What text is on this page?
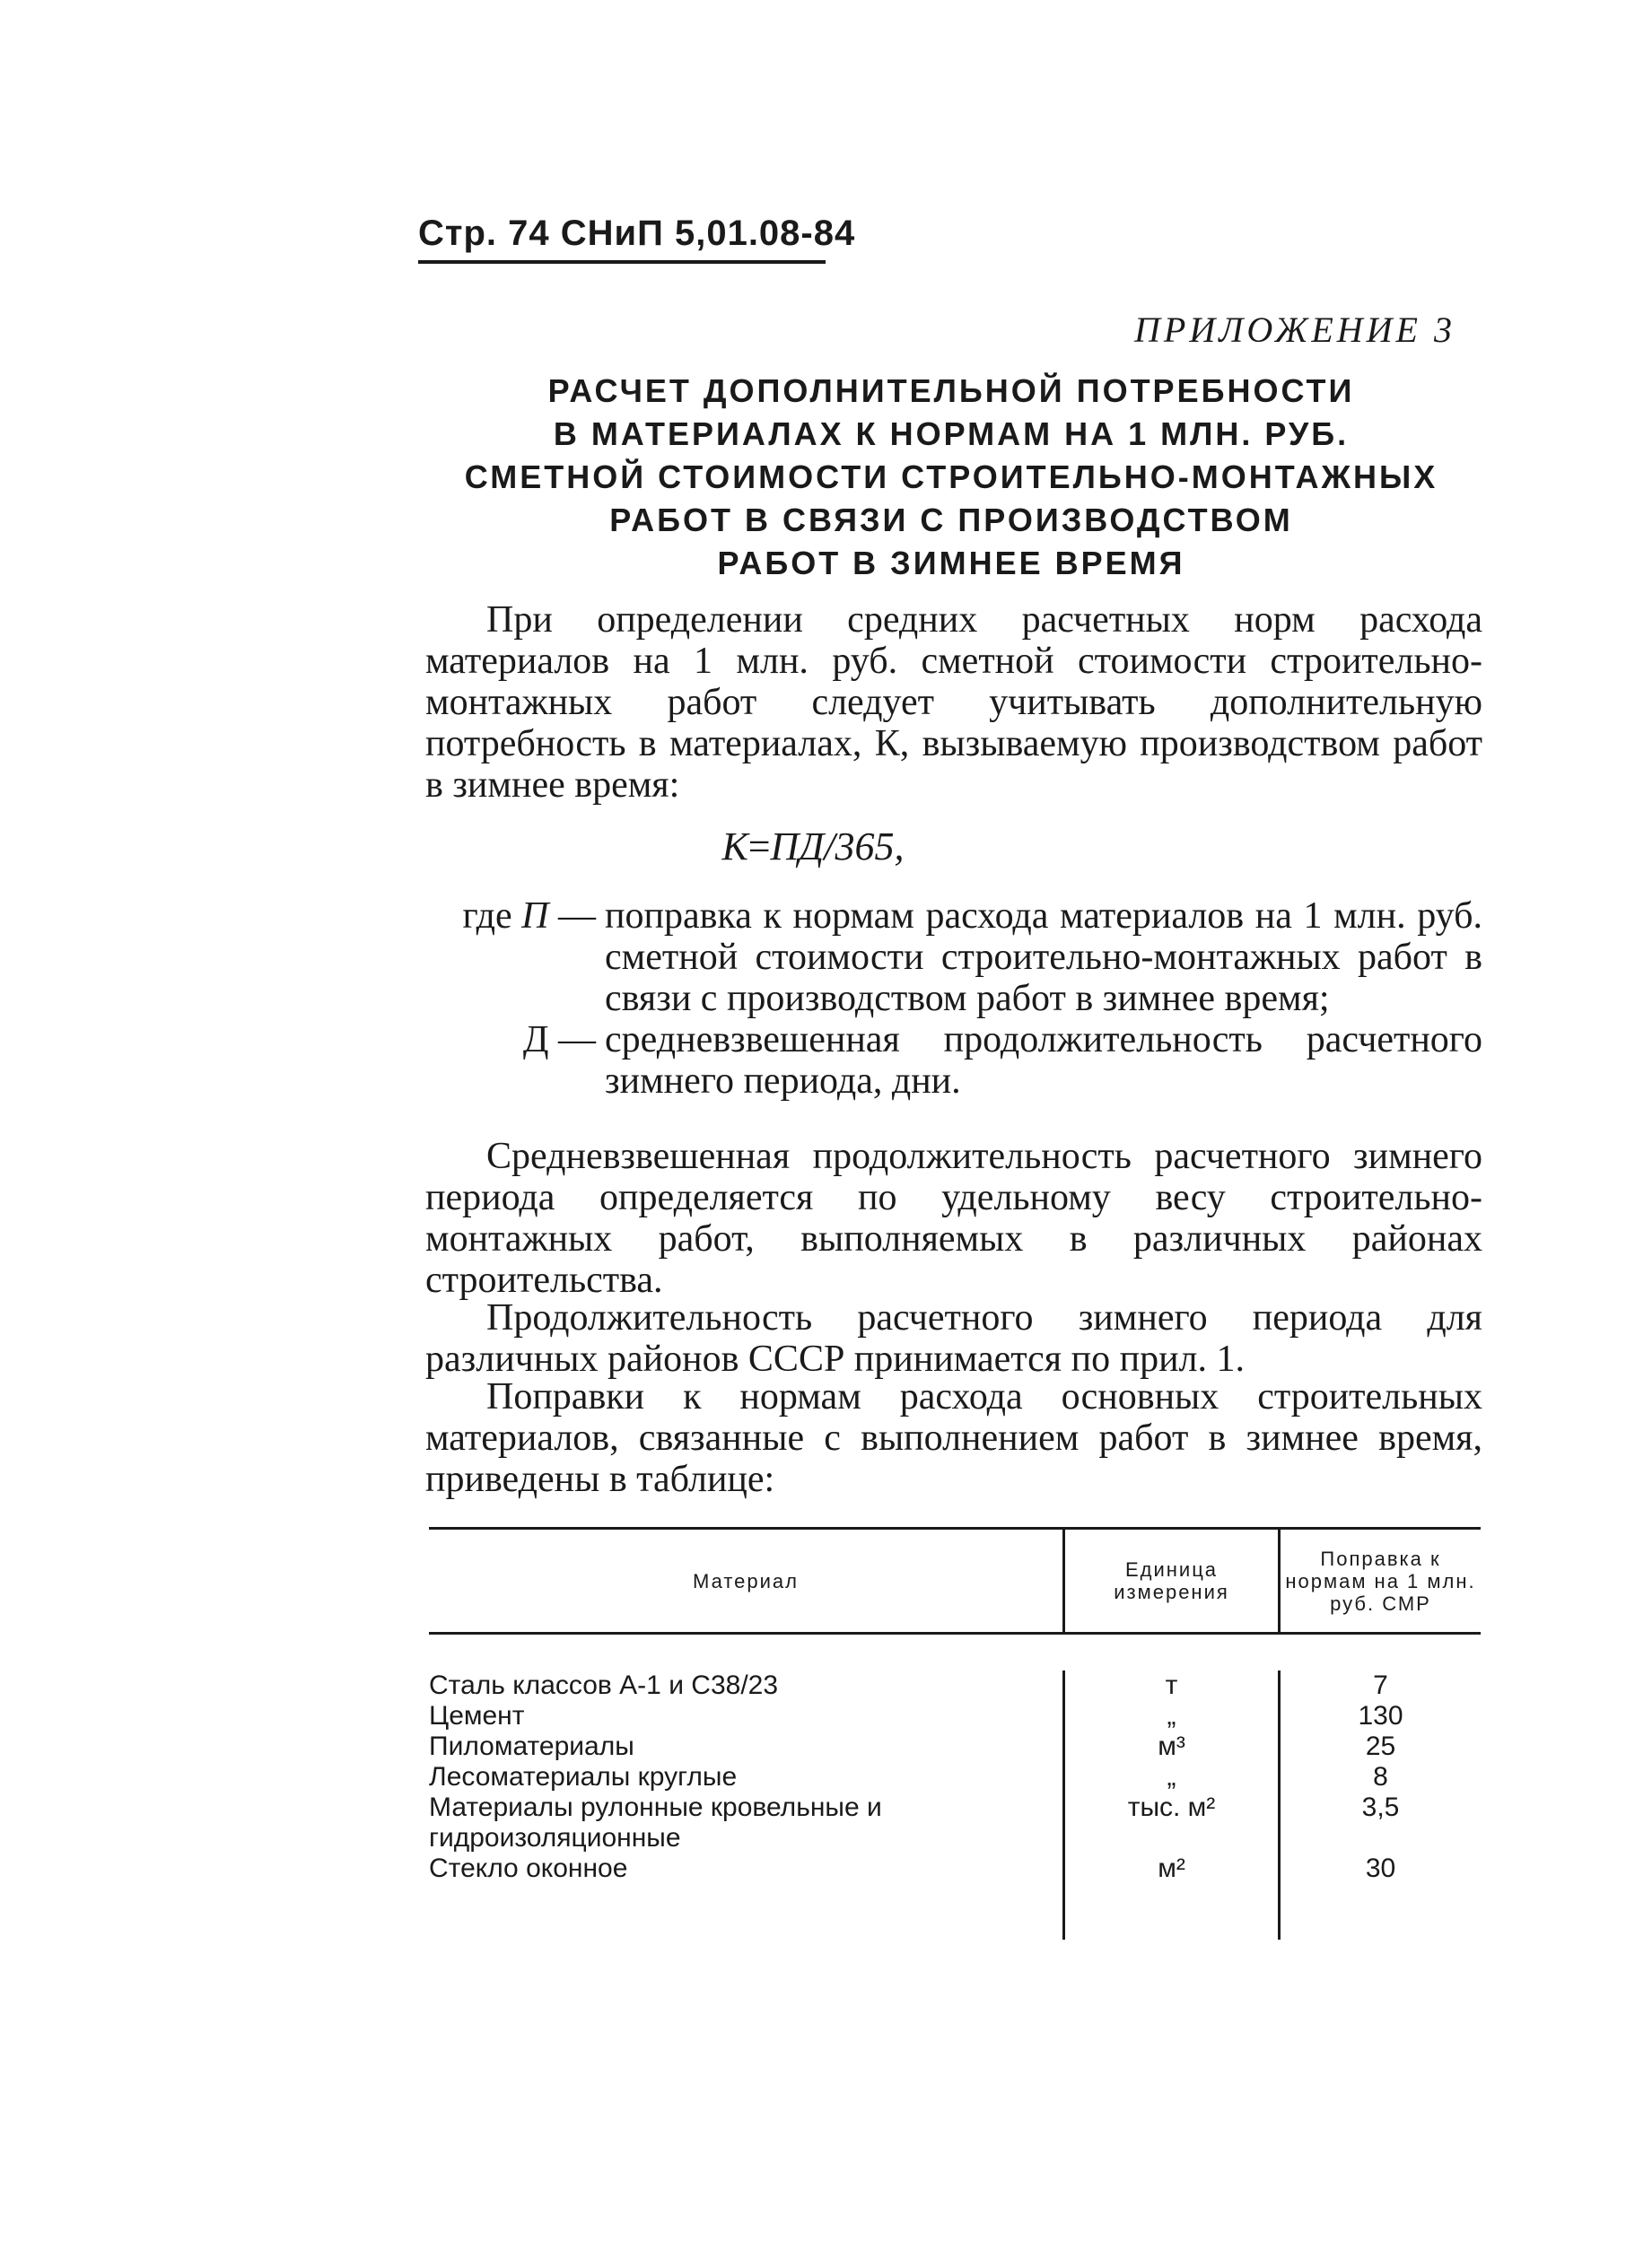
Стр. 74 СНиП 5,01.08-84
ПРИЛОЖЕНИЕ 3
РАСЧЕТ ДОПОЛНИТЕЛЬНОЙ ПОТРЕБНОСТИ
В МАТЕРИАЛАХ К НОРМАМ НА 1 МЛН. РУБ.
СМЕТНОЙ СТОИМОСТИ СТРОИТЕЛЬНО-МОНТАЖНЫХ
РАБОТ В СВЯЗИ С ПРОИЗВОДСТВОМ
РАБОТ В ЗИМНЕЕ ВРЕМЯ
При определении средних расчетных норм расхода материалов на 1 млн. руб. сметной стоимости строительно-монтажных работ следует учитывать дополнительную потребность в материалах, К, вызываемую производством работ в зимнее время:
К=ПД/365,
где П — поправка к нормам расхода материалов на 1 млн. руб. сметной стоимости строительно-монтажных работ в связи с производством работ в зимнее время;
Д — средневзвешенная продолжительность расчетного зимнего периода, дни.
Средневзвешенная продолжительность расчетного зимнего периода определяется по удельному весу строительно-монтажных работ, выполняемых в различных районах строительства.
Продолжительность расчетного зимнего периода для различных районов СССР принимается по прил. 1.
Поправки к нормам расхода основных строительных материалов, связанные с выполнением работ в зимнее время, приведены в таблице:
Материал	Единица измерения
Поправка к нормам на 1 млн. руб. СМР
Сталь классов А-1 и С38/23
Цемент
Пиломатериалы
Лесоматериалы круглые
Материалы рулонные кровельные и гидроизоляционные
Стекло оконное
т
„
м³
„
тыс. м²
м²
7
130
25
8
3,5
30
